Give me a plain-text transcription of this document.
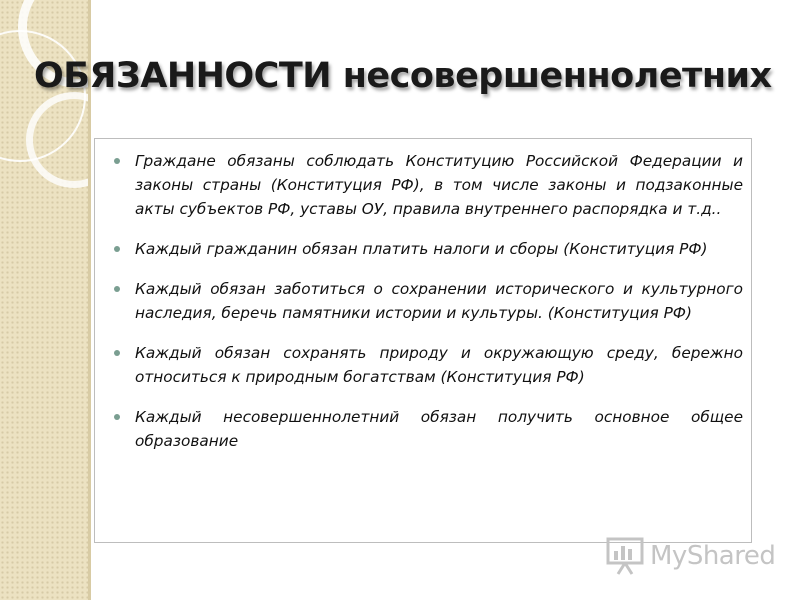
ОБЯЗАННОСТИ несовершеннолетних
Граждане обязаны соблюдать Конституцию Российской Федерации и законы страны (Конституция РФ), в том числе законы и подзаконные акты субъектов РФ, уставы ОУ, правила внутреннего распорядка и т.д..
Каждый гражданин обязан платить налоги и сборы (Конституция РФ)
Каждый обязан заботиться о сохранении исторического и культурного наследия, беречь памятники истории и культуры. (Конституция РФ)
Каждый обязан сохранять природу и окружающую среду, бережно относиться к природным богатствам (Конституция РФ)
Каждый несовершеннолетний обязан получить основное общее образование
MyShared
